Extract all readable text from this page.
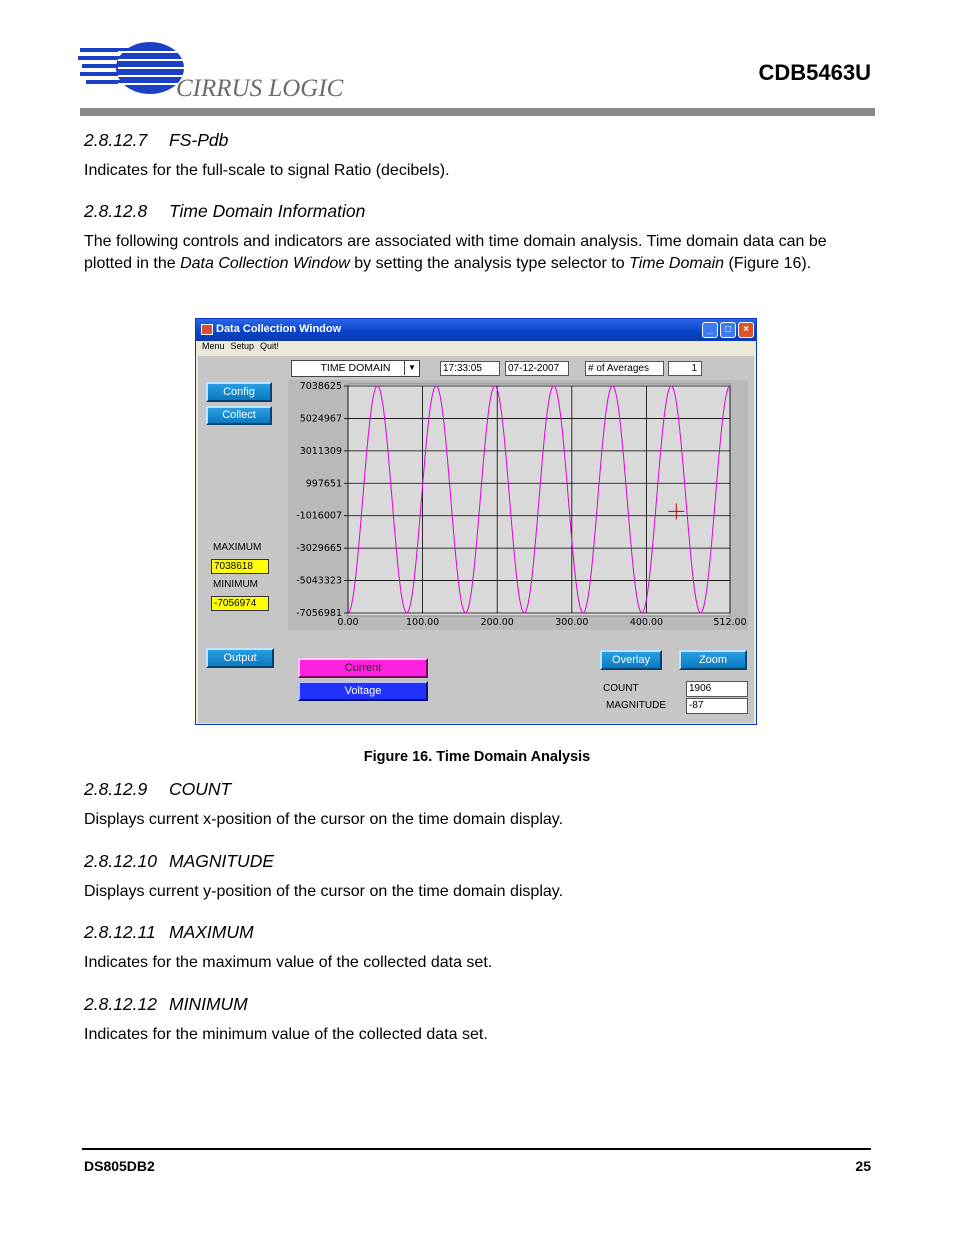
CIRRUS LOGIC
CDB5463U
2.8.12.7 FS-Pdb
Indicates for the full-scale to signal Ratio (decibels).
2.8.12.8 Time Domain Information
The following controls and indicators are associated with time domain analysis. Time domain data can be plotted in the Data Collection Window by setting the analysis type selector to Time Domain (Figure 16).
Data Collection Window	_	□	×
Menu Setup Quit!
Config
Collect
TIME DOMAIN	▼	17:33:05	07-12-2007	# of Averages	1
7038625
5024967
3011309
997651
-1016007
-3029665
-5043323
-7056981
0.00	100.00	200.00	300.00	400.00	512.00
MAXIMUM
7038618
MINIMUM
-7056974
Output
Current
Voltage
Overlay	Zoom
COUNT	1906
MAGNITUDE	-87
Figure 16. Time Domain Analysis
2.8.12.9 COUNT
Displays current x-position of the cursor on the time domain display.
2.8.12.10 MAGNITUDE
Displays current y-position of the cursor on the time domain display.
2.8.12.11 MAXIMUM
Indicates for the maximum value of the collected data set.
2.8.12.12 MINIMUM
Indicates for the minimum value of the collected data set.
DS805DB2	25
